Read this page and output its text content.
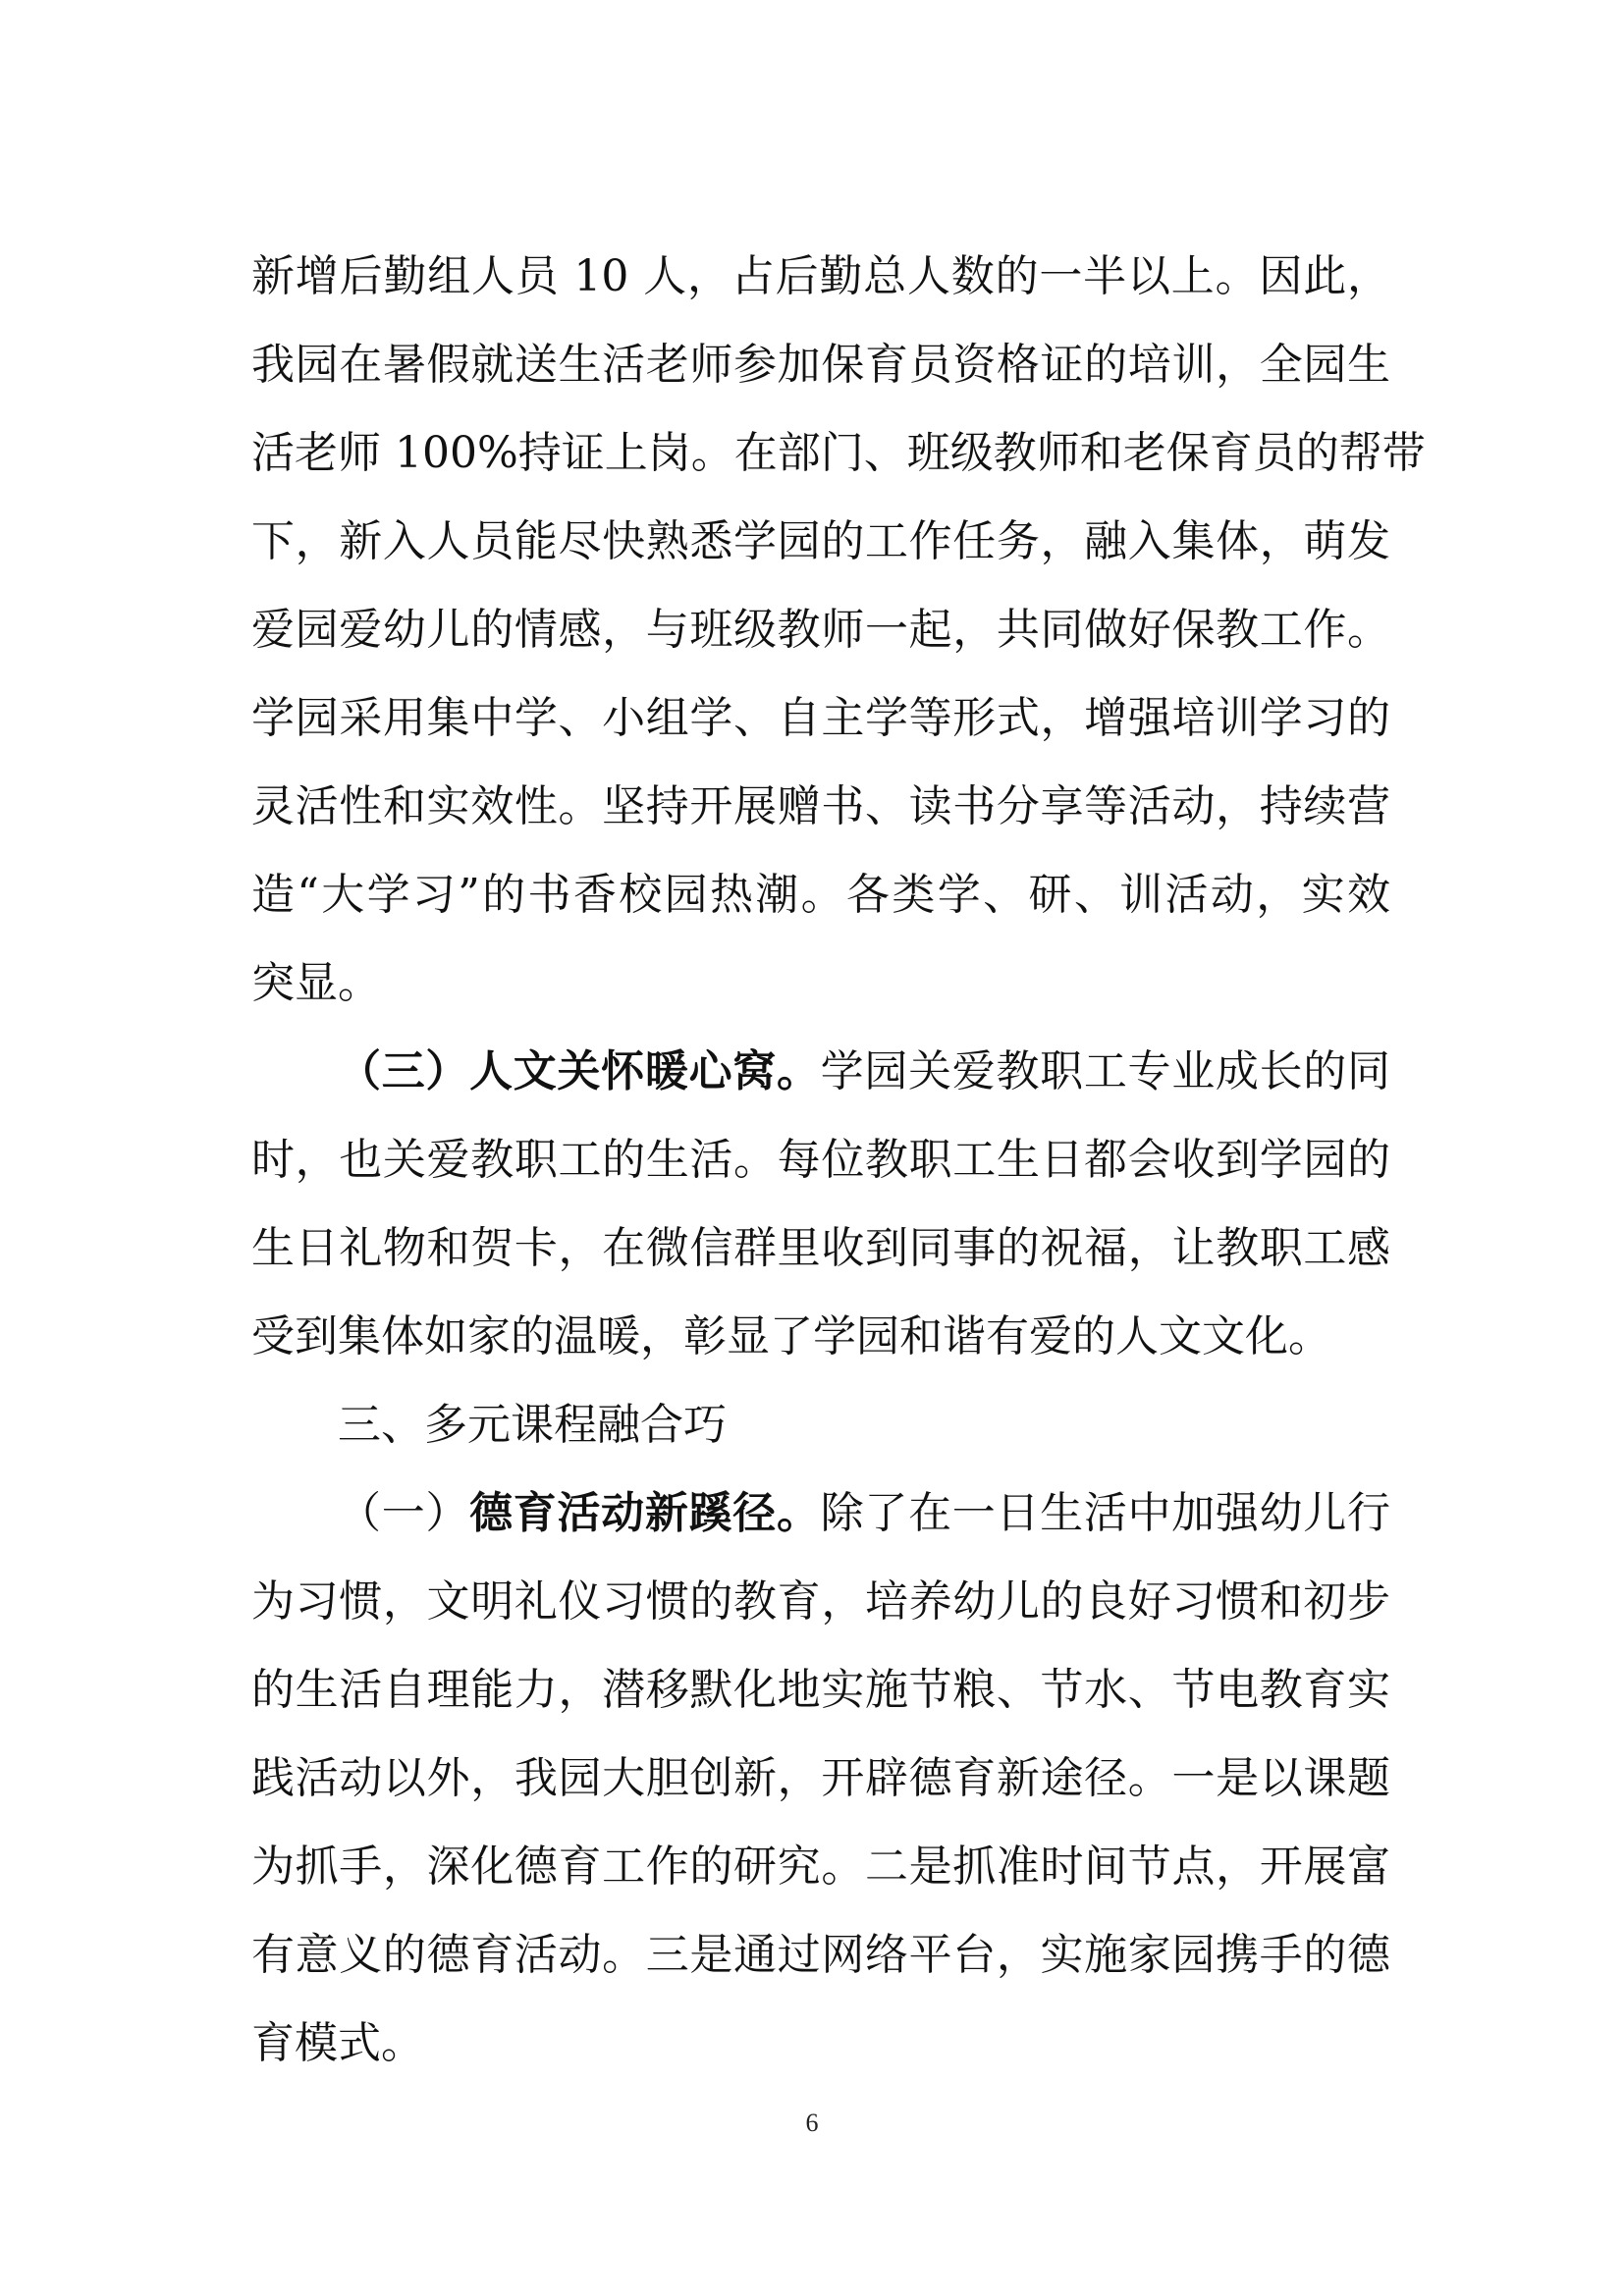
新增后勤组人员 10 人，占后勤总人数的一半以上。因此，
我园在暑假就送生活老师参加保育员资格证的培训，全园生
活老师 100%持证上岗。在部门、班级教师和老保育员的帮带
下，新入人员能尽快熟悉学园的工作任务，融入集体，萌发
爱园爱幼儿的情感，与班级教师一起，共同做好保教工作。
学园采用集中学、小组学、自主学等形式，增强培训学习的
灵活性和实效性。坚持开展赠书、读书分享等活动，持续营
造“大学习”的书香校园热潮。各类学、研、训活动，实效
突显。
（三）人文关怀暖心窝。学园关爱教职工专业成长的同
时，也关爱教职工的生活。每位教职工生日都会收到学园的
生日礼物和贺卡，在微信群里收到同事的祝福，让教职工感
受到集体如家的温暖，彰显了学园和谐有爱的人文文化。
三、多元课程融合巧
（一）德育活动新蹊径。除了在一日生活中加强幼儿行
为习惯，文明礼仪习惯的教育，培养幼儿的良好习惯和初步
的生活自理能力，潜移默化地实施节粮、节水、节电教育实
践活动以外，我园大胆创新，开辟德育新途径。一是以课题
为抓手，深化德育工作的研究。二是抓准时间节点，开展富
有意义的德育活动。三是通过网络平台，实施家园携手的德
育模式。
6
